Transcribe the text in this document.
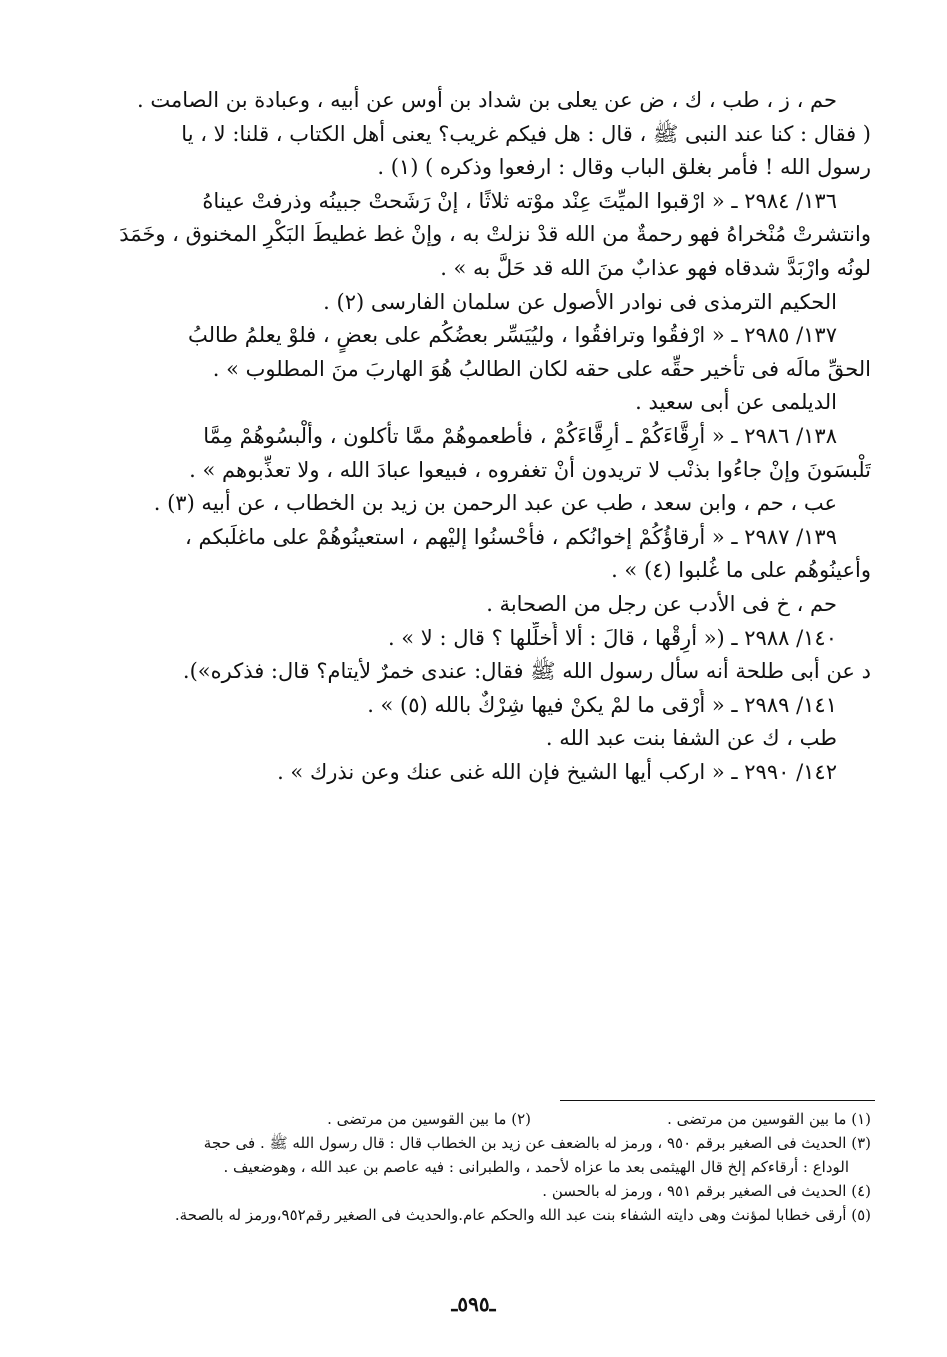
حم ، ز ، طب ، ك ، ض عن يعلى بن شداد بن أوس عن أبيه ، وعبادة بن الصامت .
( فقال : كنا عند النبى ﷺ ، قال : هل فيكم غريب؟ يعنى أهل الكتاب ، قلنا: لا ، يا
رسول الله ! فأمر بغلق الباب وقال : ارفعوا وذكره ) (١) .
١٣٦/ ٢٩٨٤ ـ « ارْقبوا الميِّتَ عِنْد موْته ثلاثًا ، إنْ رَشَحتْ جبينُه وذرفتْ عيناهُ
وانتشرتْ مُنْخراهُ فهو رحمةٌ من الله قدْ نزلتْ به ، وإنْ غط غطيطَ البَكْرِ المخنوق ، وخَمَدَ
لونُه وارْبَدَّ شدقاه فهو عذابٌ منَ الله قد حَلَّ به » .
الحكيم الترمذى فى نوادر الأصول عن سلمان الفارسى (٢) .
١٣٧/ ٢٩٨٥ ـ « ارْفقُوا وترافقُوا ، وليُيَسِّر بعضُكُم على بعضٍ ، فلوْ يعلمُ طالبُ
الحقِّ مالَه فى تأخير حقِّه على حقه لكان الطالبُ هُوَ الهاربَ منَ المطلوب » .
الديلمى عن أبى سعيد .
١٣٨/ ٢٩٨٦ ـ « أرِقَّاءَكُمْ ـ أرِقَّاءَكُمْ ، فأطعموهُمْ ممَّا تأكلون ، وألْبسُوهُمْ مِمَّا
تَلْبسَونَ وإنْ جاءُوا بذنْب لا تريدون أنْ تغفروه ، فبيعوا عبادَ الله ، ولا تعذِّبوهم » .
عب ، حم ، وابن سعد ، طب عن عبد الرحمن بن زيد بن الخطاب ، عن أبيه (٣) .
١٣٩/ ٢٩٨٧ ـ « أرقاؤُكُمْ إخوانُكم ، فأحْسنُوا إليْهم ، استعينُوهُمْ على ماغلَبكم ،
وأعينُوهُم على ما غُلبوا (٤) » .
حم ، خ فى الأدب عن رجل من الصحابة .
١٤٠/ ٢٩٨٨ ـ (« أرِقْها ، قالَ : ألا أُخلِّلها ؟ قال : لا » .
د عن أبى طلحة أنه سأل رسول الله ﷺ فقال: عندى خمرٌ لأيتام؟ قال: فذكره»).
١٤١/ ٢٩٨٩ ـ « أُرْقى ما لمْ يكنْ فيها شِرْكٌ بالله (٥) » .
طب ، ك عن الشفا بنت عبد الله .
١٤٢/ ٢٩٩٠ ـ « اركب أيها الشيخ فإن الله غنى عنك وعن نذرك » .
(١) ما بين القوسين من مرتضى .
(٢) ما بين القوسين من مرتضى .
(٣) الحديث فى الصغير برقم ٩٥٠ ، ورمز له بالضعف عن زيد بن الخطاب قال : قال رسول الله ﷺ . فى حجة
الوداع : أرقاءكم إلخ قال الهيثمى بعد ما عزاه لأحمد ، والطبرانى : فيه عاصم بن عبد الله ، وهوضعيف .
(٤) الحديث فى الصغير برقم ٩٥١ ، ورمز له بالحسن .
(٥) أرقى خطابا لمؤنث وهى دايته الشفاء بنت عبد الله والحكم عام.والحديث فى الصغير رقم٩٥٢،ورمز له بالصحة.
ـ٥٩٥ـ
